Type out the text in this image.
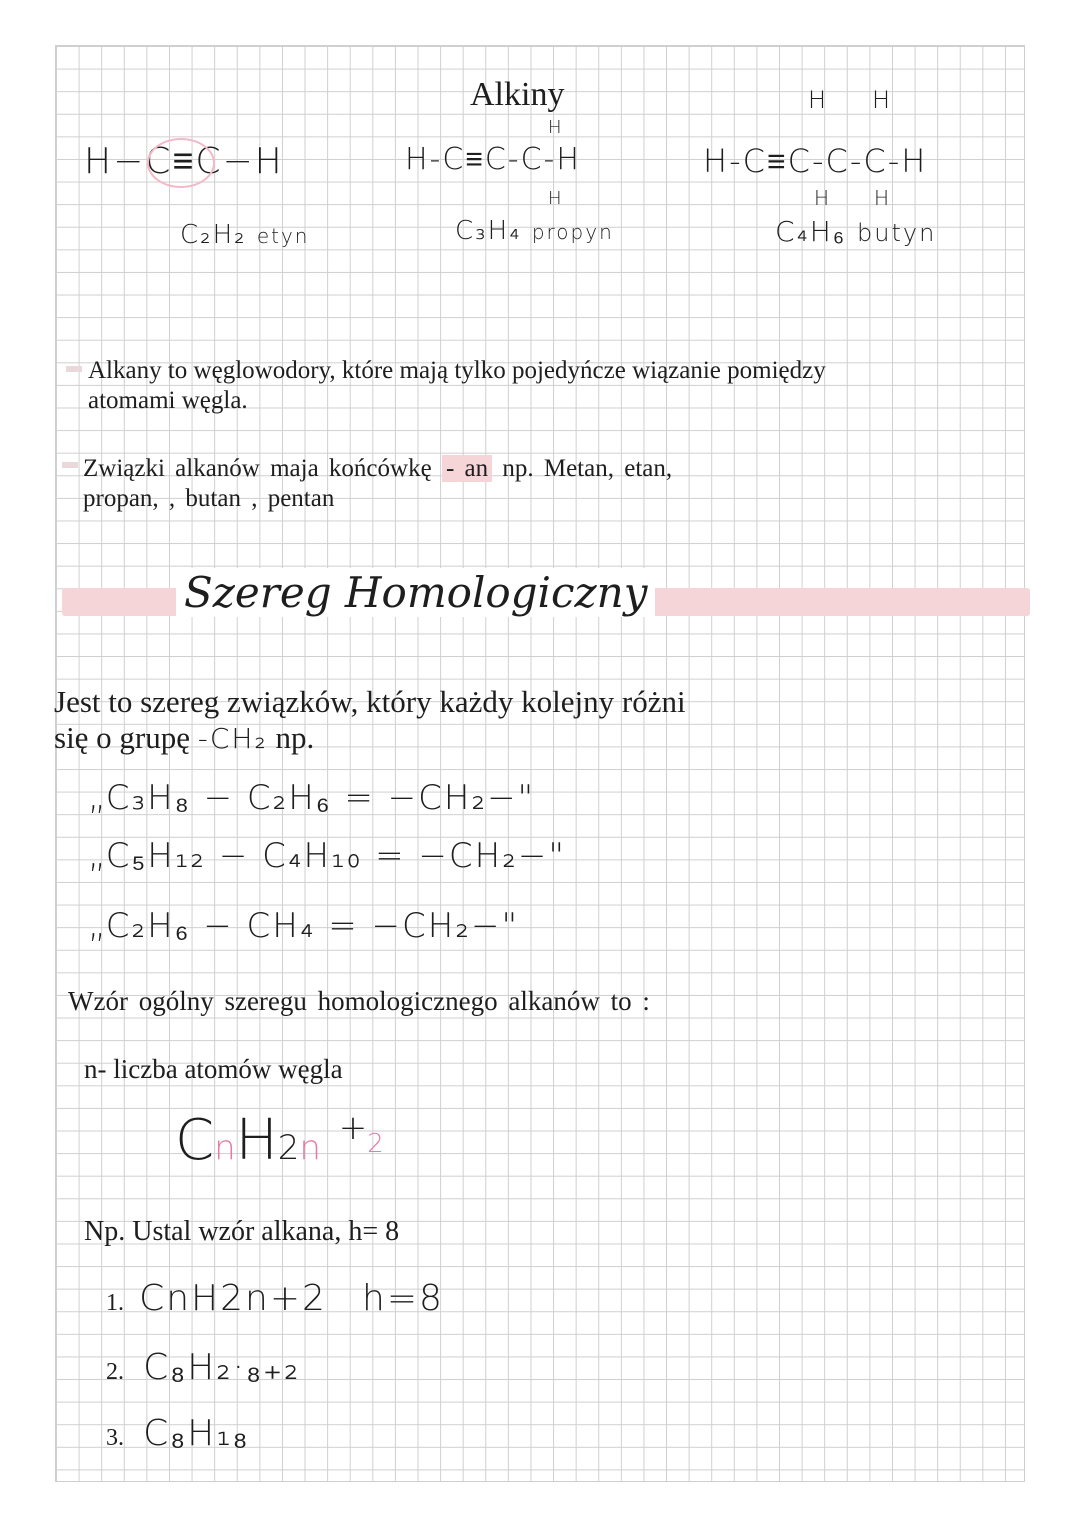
Alkiny
H−C≡C−H
C₂H₂ etyn
H
H-C≡C-C-H
H
C₃H₄ propyn
H H
H-C≡C-C-C-H
H H
C₄H₆ butyn
Alkany to węglowodory, które mają tylko pojedyńcze wiązanie pomiędzy atomami węgla.
Związki alkanów maja końcówkę - an np. Metan, etan,
propan, , butan , pentan
Szereg Homologiczny
Jest to szereg związków, który każdy kolejny różni
się o grupę -CH₂ np.
„C₃H₈ − C₂H₆ = −CH₂−"
„C₅H₁₂ − C₄H₁₀ = −CH₂−"
„C₂H₆ − CH₄ = −CH₂−"
Wzór ogólny szeregu homologicznego alkanów to :
n- liczba atomów węgla
CnH2n +2
Np. Ustal wzór alkana, h= 8
1. CnH2n+2 h=8
2. C₈H₂·₈₊₂
3. C₈H₁₈
